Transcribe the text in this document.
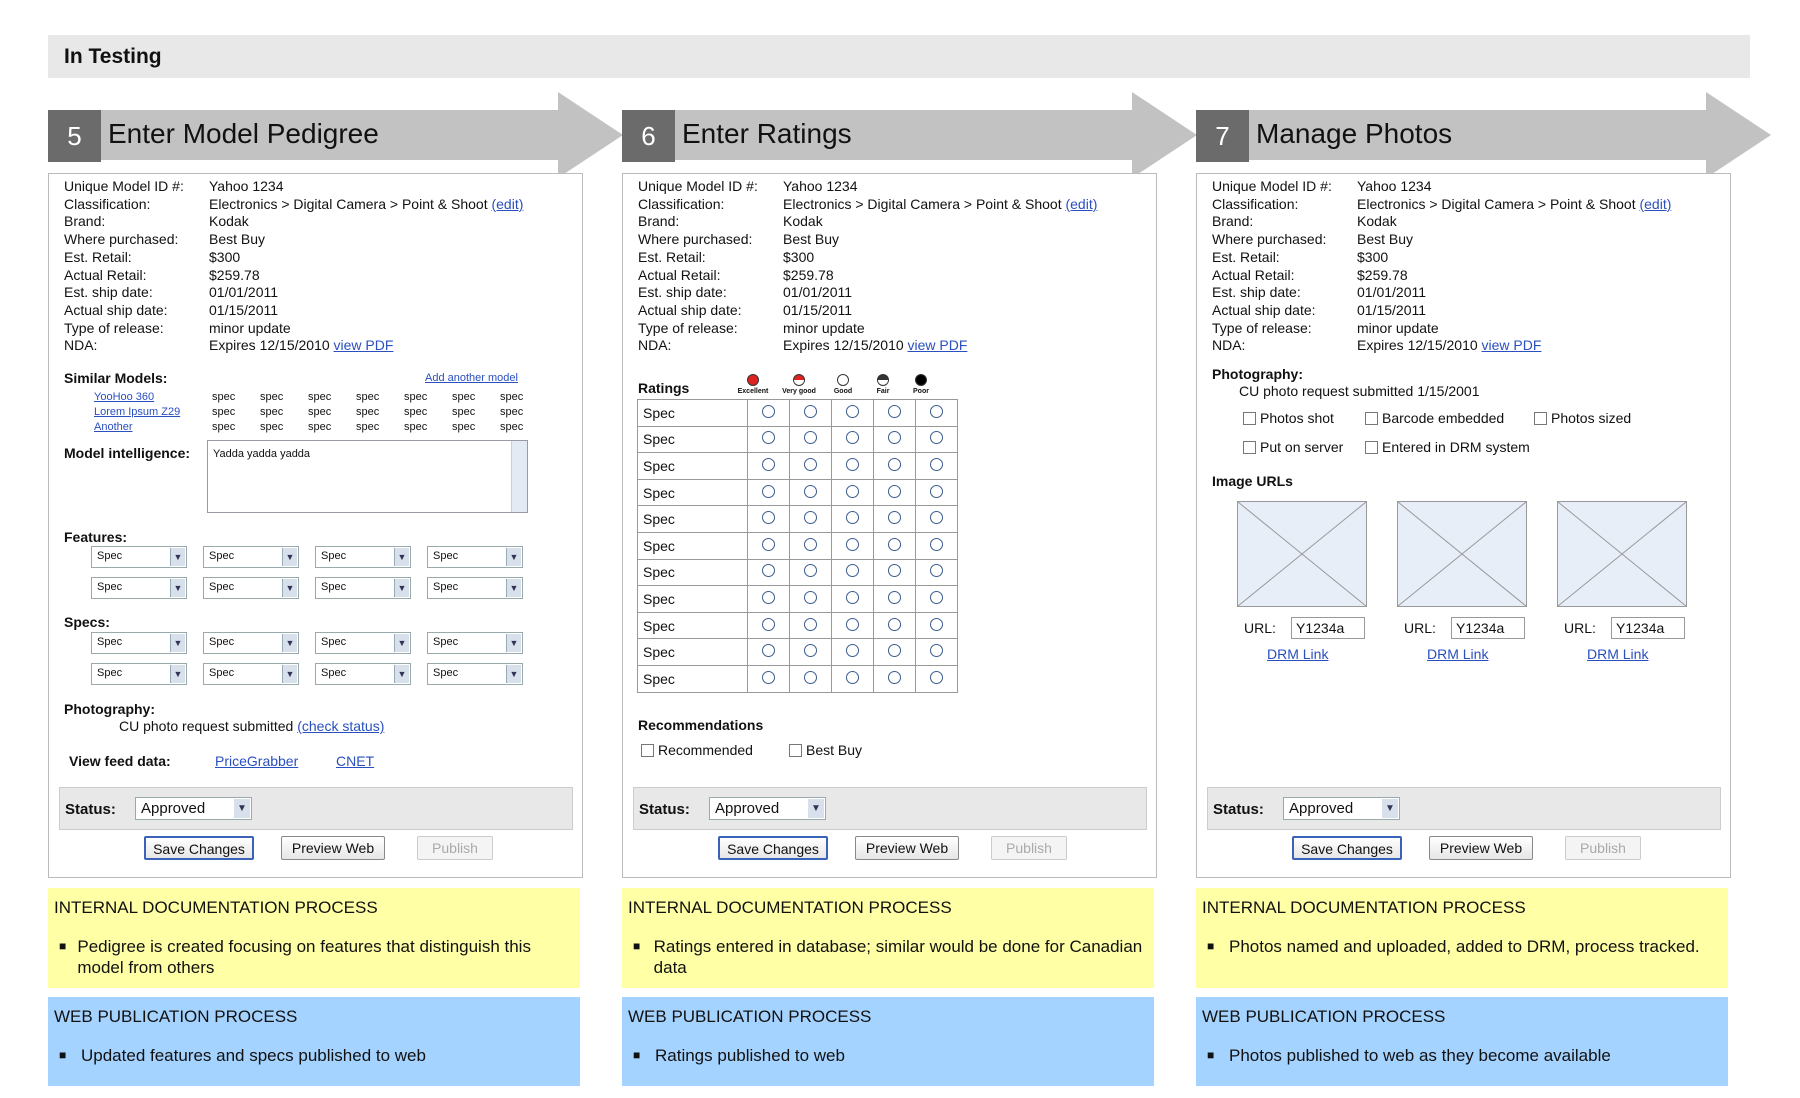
In Testing
5 Enter Model Pedigree
Unique Model ID #:	Yahoo 1234
Classification:	Electronics > Digital Camera > Point & Shoot (edit)
Brand:	Kodak
Where purchased:	Best Buy
Est. Retail:	$300
Actual Retail:	$259.78
Est. ship date:	01/01/2011
Actual ship date:	01/15/2011
Type of release:	minor update
NDA:	Expires 12/15/2010 view PDF
Status:	Approved	▼
Save Changes	Preview Web	Publish
Similar Models:	Add another model
YooHoo 360	spec spec spec spec spec spec spec
Lorem Ipsum Z29	spec spec spec spec spec spec spec
Another	spec spec spec spec spec spec spec
Model intelligence:	Yadda yadda yadda
Features:
Specs:
Spec	▼	Spec	▼	Spec	▼	Spec	▼
Spec	▼	Spec	▼	Spec	▼	Spec	▼
Spec	▼	Spec	▼	Spec	▼	Spec	▼
Spec	▼	Spec	▼	Spec	▼	Spec	▼
Photography:
CU photo request submitted (check status)
View feed data:	PriceGrabber	CNET
INTERNAL DOCUMENTATION PROCESS
■ Pedigree is created focusing on features that distinguish this model from others
WEB PUBLICATION PROCESS
■ Updated features and specs published to web
6 Enter Ratings
Unique Model ID #:	Yahoo 1234
Classification:	Electronics > Digital Camera > Point & Shoot (edit)
Brand:	Kodak
Where purchased:	Best Buy
Est. Retail:	$300
Actual Retail:	$259.78
Est. ship date:	01/01/2011
Actual ship date:	01/15/2011
Type of release:	minor update
NDA:	Expires 12/15/2010 view PDF
Status:	Approved	▼
Save Changes	Preview Web	Publish
Ratings	Excellent	Very good	Good	Fair	Poor
Spec					
Spec					
Spec					
Spec					
Spec					
Spec					
Spec					
Spec					
Spec					
Spec					
Spec					
Recommendations
Recommended	Best Buy
INTERNAL DOCUMENTATION PROCESS
■ Ratings entered in database; similar would be done for Canadian data
WEB PUBLICATION PROCESS
■ Ratings published to web
7 Manage Photos
Unique Model ID #:	Yahoo 1234
Classification:	Electronics > Digital Camera > Point & Shoot (edit)
Brand:	Kodak
Where purchased:	Best Buy
Est. Retail:	$300
Actual Retail:	$259.78
Est. ship date:	01/01/2011
Actual ship date:	01/15/2011
Type of release:	minor update
NDA:	Expires 12/15/2010 view PDF
Status:	Approved	▼
Save Changes	Preview Web	Publish
Photography:
CU photo request submitted 1/15/2001
Photos shot	Barcode embedded	Photos sized
Put on server	Entered in DRM system
Image URLs
URL:	Y1234a
DRM Link
URL:	Y1234a
DRM Link
URL:	Y1234a
DRM Link
INTERNAL DOCUMENTATION PROCESS
■ Photos named and uploaded, added to DRM, process tracked.
WEB PUBLICATION PROCESS
■ Photos published to web as they become available
